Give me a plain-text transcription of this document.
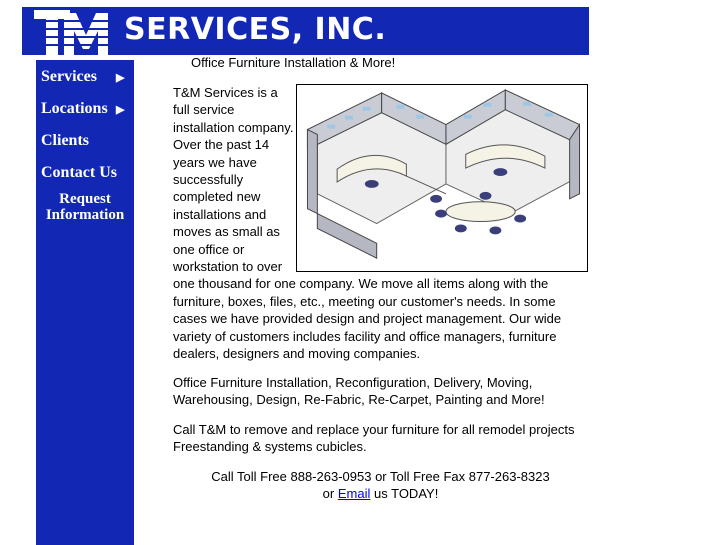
SERVICES, INC.
Services ▶
Locations ▶
Clients
Contact Us
Request Information
Office Furniture Installation & More!
T&M Services is a full service installation company. Over the past 14 years we have successfully completed new installations and moves as small as one office or workstation to over one thousand for one company. We move all items along with the furniture, boxes, files, etc., meeting our customer's needs. In some cases we have provided design and project management. Our wide variety of customers includes facility and office managers, furniture dealers, designers and moving companies.
Office Furniture Installation, Reconfiguration, Delivery, Moving, Warehousing, Design, Re-Fabric, Re-Carpet, Painting and More!
Call T&M to remove and replace your furniture for all remodel projects Freestanding & systems cubicles.
Call Toll Free 888-263-0953 or Toll Free Fax 877-263-8323
or Email us TODAY!
